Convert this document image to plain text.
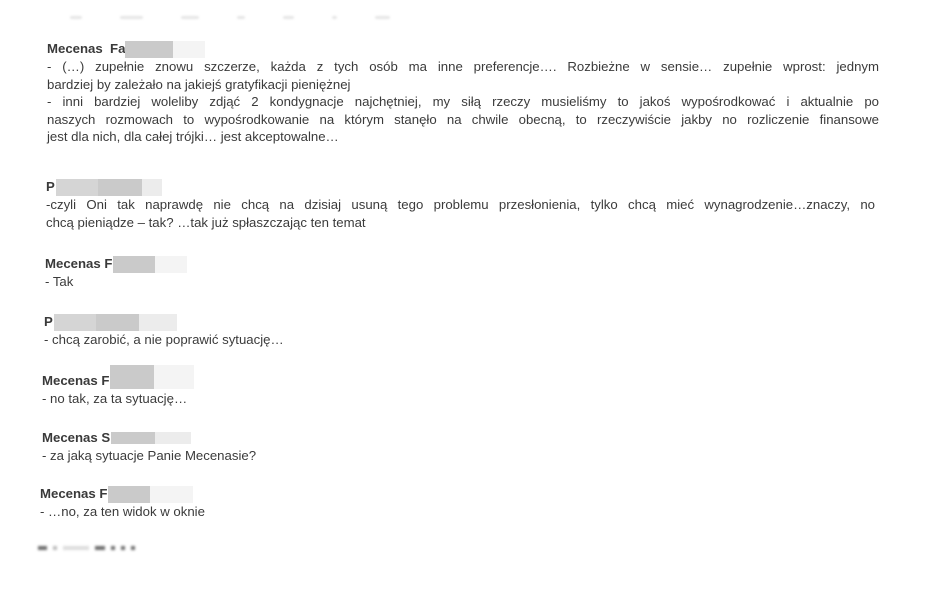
Mecenas  F a
- (…) zupełnie znowu szczerze, każda z tych osób ma inne preferencje…. Rozbieżne w sensie… zupełnie wprost: jednym
bardziej by zależało na jakiejś gratyfikacji pieniężnej
- inni bardziej woleliby zdjąć 2 kondygnacje najchętniej, my siłą rzeczy musieliśmy to jakoś wypośrodkować i aktualnie po
naszych rozmowach to wypośrodkowanie na którym stanęło na chwile obecną, to rzeczywiście jakby no rozliczenie finansowe
jest dla nich, dla całej trójki… jest akceptowalne…
P
-czyli Oni tak naprawdę nie chcą na dzisiaj usuną tego problemu przesłonienia, tylko chcą mieć wynagrodzenie…znaczy, no
chcą pieniądze – tak? …tak już spłaszczając ten temat
Mecenas F
- Tak
P
- chcą zarobić, a nie poprawić sytuację…
Mecenas F
- no tak, za ta sytuację…
Mecenas S
- za jaką sytuacje Panie Mecenasie?
Mecenas F
- …no, za ten widok w oknie
